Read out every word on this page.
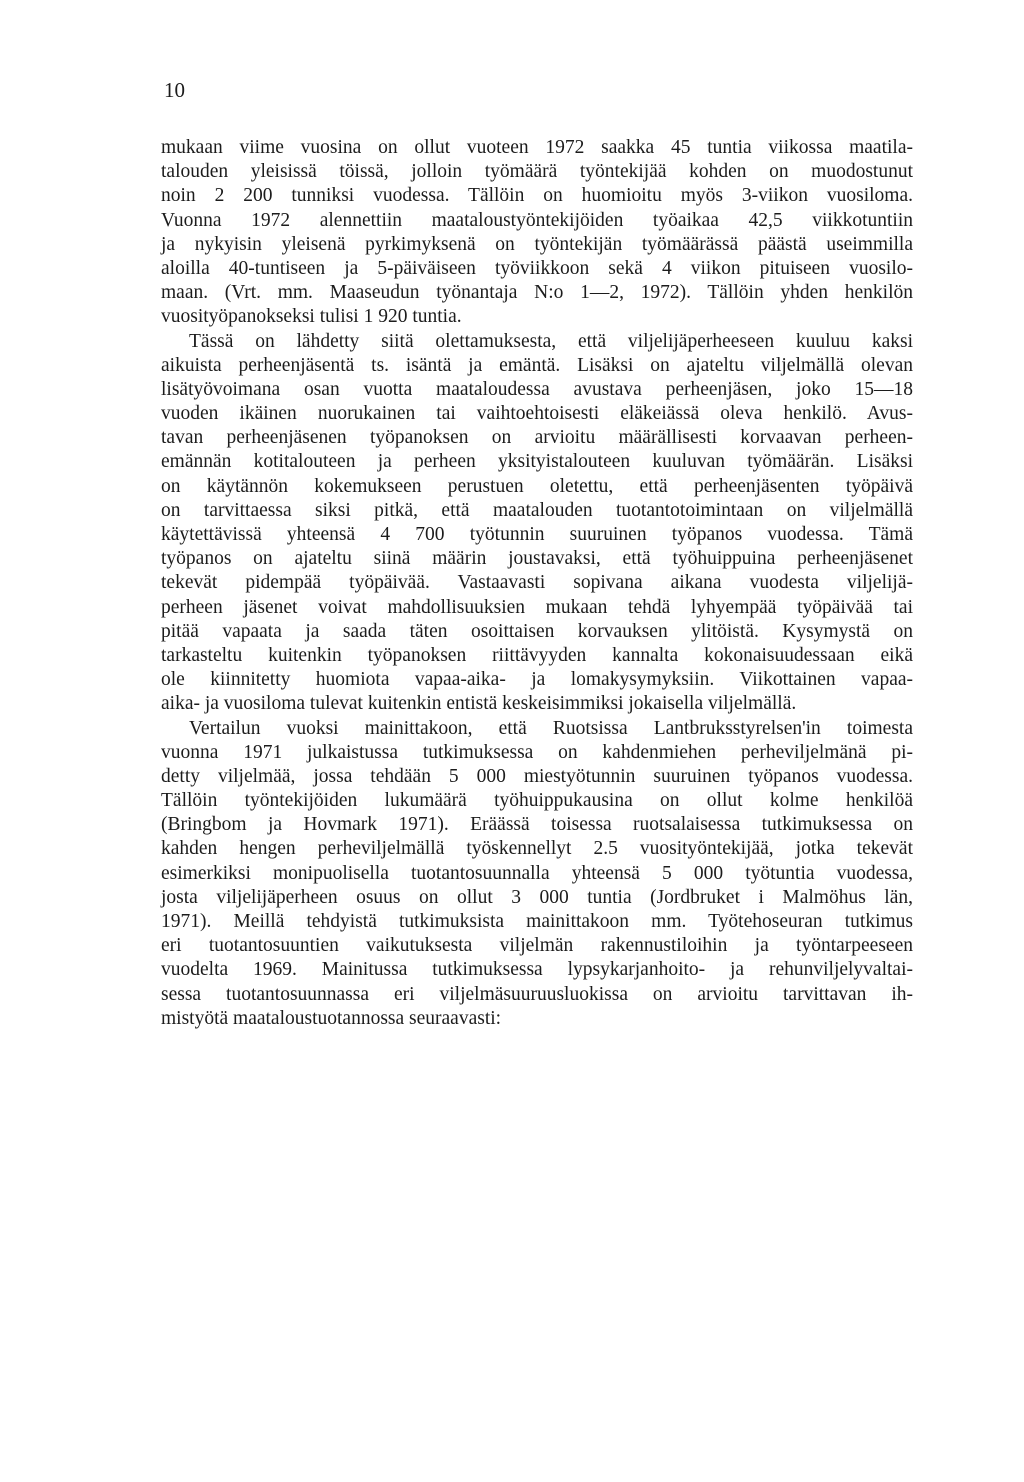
10
mukaan viime vuosina on ollut vuoteen 1972 saakka 45 tuntia viikossa maatila-
talouden yleisissä töissä, jolloin työmäärä työntekijää kohden on muodostunut
noin 2 200 tunniksi vuodessa. Tällöin on huomioitu myös 3-viikon vuosiloma.
Vuonna 1972 alennettiin maataloustyöntekijöiden työaikaa 42,5 viikkotuntiin
ja nykyisin yleisenä pyrkimyksenä on työntekijän työmäärässä päästä useimmilla
aloilla 40-tuntiseen ja 5-päiväiseen työviikkoon sekä 4 viikon pituiseen vuosilo-
maan. (Vrt. mm. Maaseudun työnantaja N:o 1—2, 1972). Tällöin yhden henkilön
vuosityöpanokseksi tulisi 1 920 tuntia.
Tässä on lähdetty siitä olettamuksesta, että viljelijäperheeseen kuuluu kaksi
aikuista perheenjäsentä ts. isäntä ja emäntä. Lisäksi on ajateltu viljelmällä olevan
lisätyövoimana osan vuotta maataloudessa avustava perheenjäsen, joko 15—18
vuoden ikäinen nuorukainen tai vaihtoehtoisesti eläkeiässä oleva henkilö. Avus-
tavan perheenjäsenen työpanoksen on arvioitu määrällisesti korvaavan perheen-
emännän kotitalouteen ja perheen yksityistalouteen kuuluvan työmäärän. Lisäksi
on käytännön kokemukseen perustuen oletettu, että perheenjäsenten työpäivä
on tarvittaessa siksi pitkä, että maatalouden tuotantotoimintaan on viljelmällä
käytettävissä yhteensä 4 700 työtunnin suuruinen työpanos vuodessa. Tämä
työpanos on ajateltu siinä määrin joustavaksi, että työhuippuina perheenjäsenet
tekevät pidempää työpäivää. Vastaavasti sopivana aikana vuodesta viljelijä-
perheen jäsenet voivat mahdollisuuksien mukaan tehdä lyhyempää työpäivää tai
pitää vapaata ja saada täten osoittaisen korvauksen ylitöistä. Kysymystä on
tarkasteltu kuitenkin työpanoksen riittävyyden kannalta kokonaisuudessaan eikä
ole kiinnitetty huomiota vapaa-aika- ja lomakysymyksiin. Viikottainen vapaa-
aika- ja vuosiloma tulevat kuitenkin entistä keskeisimmiksi jokaisella viljelmällä.
Vertailun vuoksi mainittakoon, että Ruotsissa Lantbruksstyrelsen'in toimesta
vuonna 1971 julkaistussa tutkimuksessa on kahdenmiehen perheviljelmänä pi-
detty viljelmää, jossa tehdään 5 000 miestyötunnin suuruinen työpanos vuodessa.
Tällöin työntekijöiden lukumäärä työhuippukausina on ollut kolme henkilöä
(Bringbom ja Hovmark 1971). Eräässä toisessa ruotsalaisessa tutkimuksessa on
kahden hengen perheviljelmällä työskennellyt 2.5 vuosityöntekijää, jotka tekevät
esimerkiksi monipuolisella tuotantosuunnalla yhteensä 5 000 työtuntia vuodessa,
josta viljelijäperheen osuus on ollut 3 000 tuntia (Jordbruket i Malmöhus län,
1971). Meillä tehdyistä tutkimuksista mainittakoon mm. Työtehoseuran tutkimus
eri tuotantosuuntien vaikutuksesta viljelmän rakennustiloihin ja työntarpeeseen
vuodelta 1969. Mainitussa tutkimuksessa lypsykarjanhoito- ja rehunviljelyvaltai-
sessa tuotantosuunnassa eri viljelmäsuuruusluokissa on arvioitu tarvittavan ih-
mistyötä maataloustuotannossa seuraavasti:
